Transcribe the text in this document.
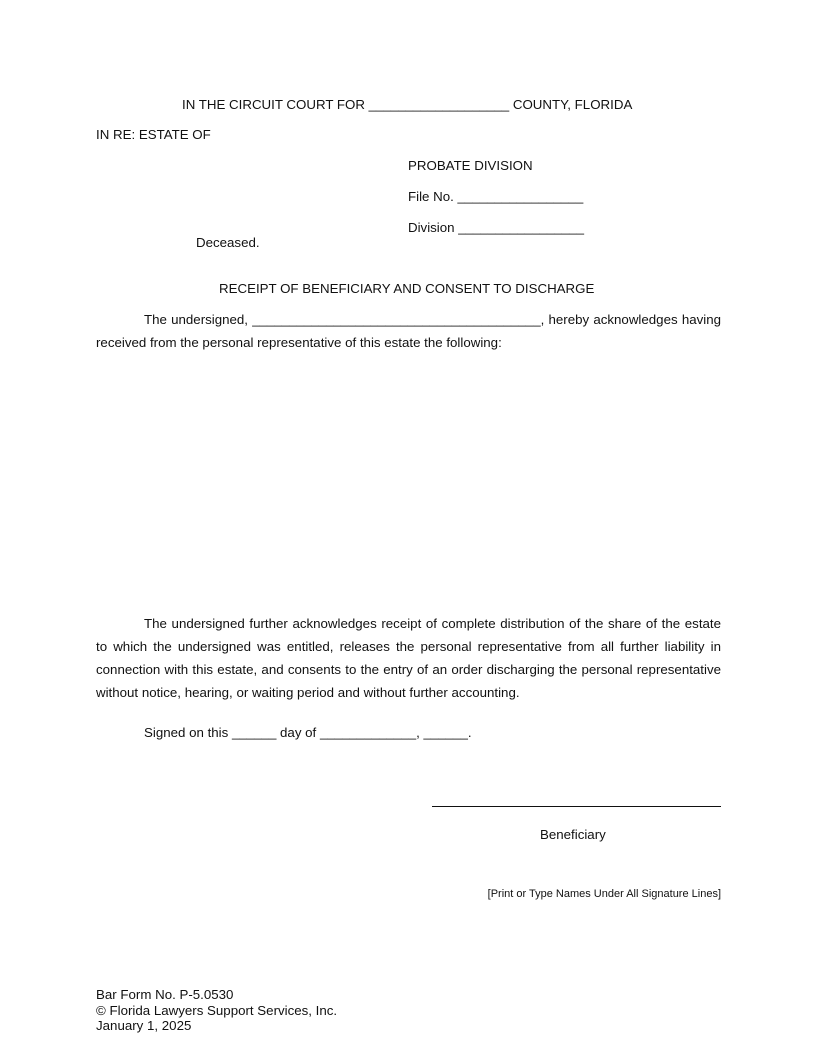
IN THE CIRCUIT COURT FOR ___________________ COUNTY, FLORIDA
IN RE: ESTATE OF
PROBATE DIVISION
File No. _________________
Division _________________
Deceased.
RECEIPT OF BENEFICIARY AND CONSENT TO DISCHARGE
The undersigned, _______________________________________, hereby acknowledges having
received from the personal representative of this estate the following:
The undersigned further acknowledges receipt of complete distribution of the share of the estate to which the undersigned was entitled, releases the personal representative from all further liability in connection with this estate, and consents to the entry of an order discharging the personal representative without notice, hearing, or waiting period and without further accounting.
Signed on this ______ day of _____________, ______.
Beneficiary
[Print or Type Names Under All Signature Lines]
Bar Form No. P-5.0530
© Florida Lawyers Support Services, Inc.
January 1, 2025
